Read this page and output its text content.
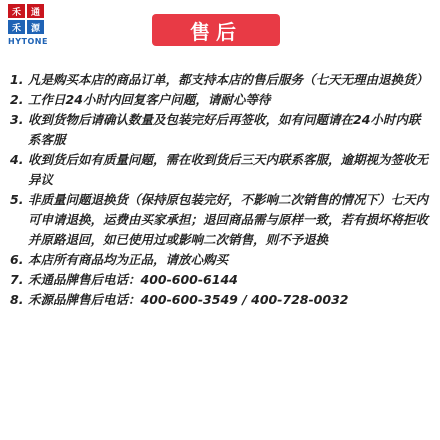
禾	通
禾	源
HYTONE	售后
1. 凡是购买本店的商品订单，都支持本店的售后服务（七天无理由退换货）
2. 工作日24小时内回复客户问题，请耐心等待
3. 收到货物后请确认数量及包装完好后再签收，如有问题请在24小时内联系客服
4. 收到货后如有质量问题，需在收到货后三天内联系客服，逾期视为签收无异议
5. 非质量问题退换货（保持原包装完好，不影响二次销售的情况下）七天内可申请退换，运费由买家承担；退回商品需与原样一致，若有损坏将拒收并原路退回，如已使用过或影响二次销售，则不予退换
6. 本店所有商品均为正品，请放心购买
7. 禾通品牌售后电话：400-600-6144
8. 禾源品牌售后电话：400-600-3549 / 400-728-0032
